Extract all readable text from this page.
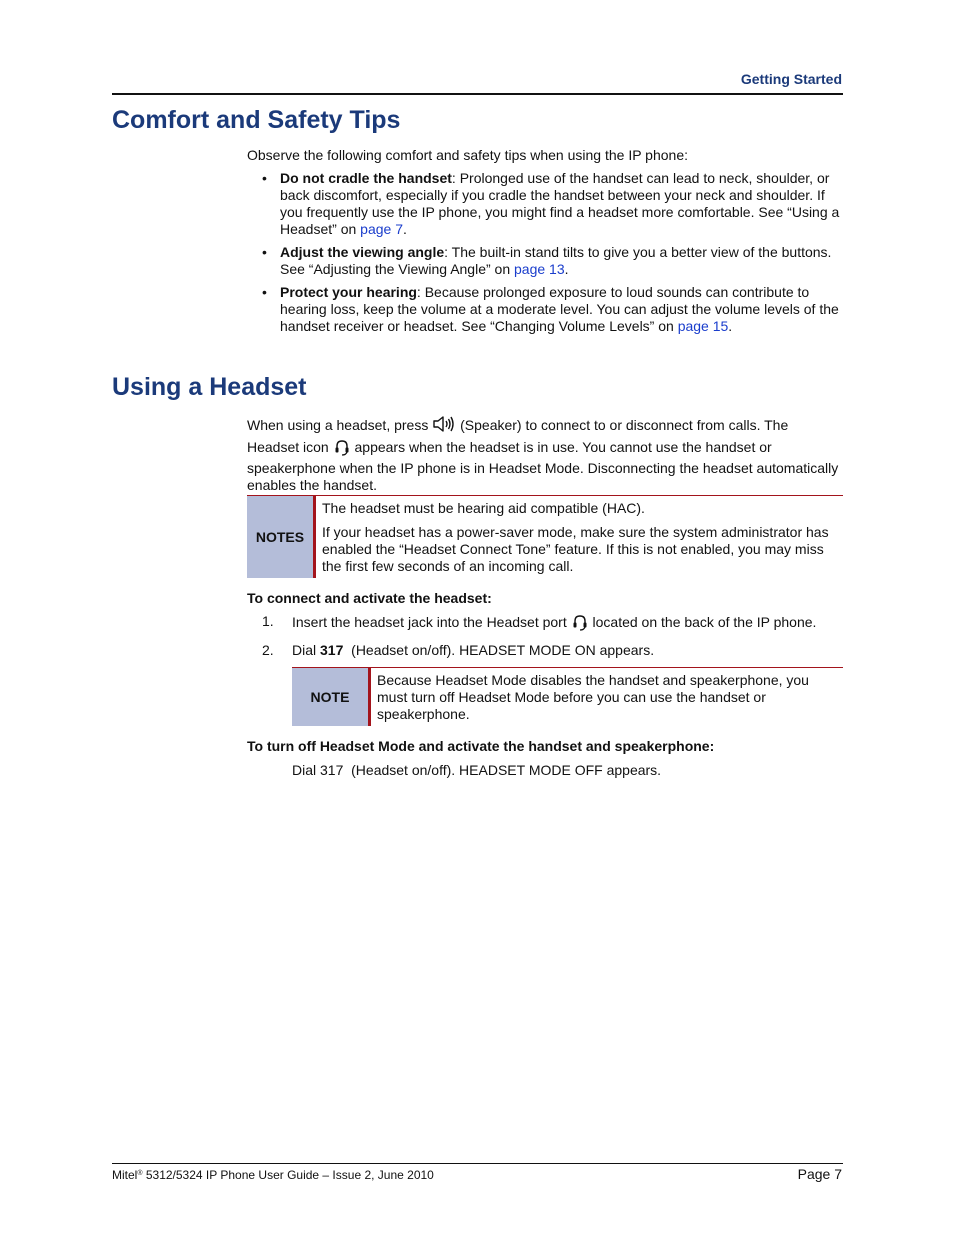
Getting Started
Comfort and Safety Tips

Observe the following comfort and safety tips when using the IP phone:

• Do not cradle the handset: Prolonged use of the handset can lead to neck, shoulder, or back discomfort, especially if you cradle the handset between your neck and shoulder. If you frequently use the IP phone, you might find a headset more comfortable. See “Using a Headset” on page 7.
• Adjust the viewing angle: The built-in stand tilts to give you a better view of the buttons. See “Adjusting the Viewing Angle” on page 13.
• Protect your hearing: Because prolonged exposure to loud sounds can contribute to hearing loss, keep the volume at a moderate level. You can adjust the volume levels of the handset receiver or headset. See “Changing Volume Levels” on page 15.
Using a Headset

When using a headset, press (Speaker) to connect to or disconnect from calls. The Headset icon appears when the headset is in use. You cannot use the handset or speakerphone when the IP phone is in Headset Mode. Disconnecting the headset automatically enables the handset.

NOTES

The headset must be hearing aid compatible (HAC).

If your headset has a power-saver mode, make sure the system administrator has enabled the “Headset Connect Tone” feature. If this is not enabled, you may miss the first few seconds of an incoming call.

To connect and activate the headset:

1. Insert the headset jack into the Headset port located on the back of the IP phone.
2. Dial 317 (Headset on/off). HEADSET MODE ON appears.
NOTE

Because Headset Mode disables the handset and speakerphone, you must turn off Headset Mode before you can use the handset or speakerphone.

To turn off Headset Mode and activate the handset and speakerphone:

Dial 317  (Headset on/off). HEADSET MODE OFF appears.

Mitel® 5312/5324 IP Phone User Guide – Issue 2, June 2010	Page 7
